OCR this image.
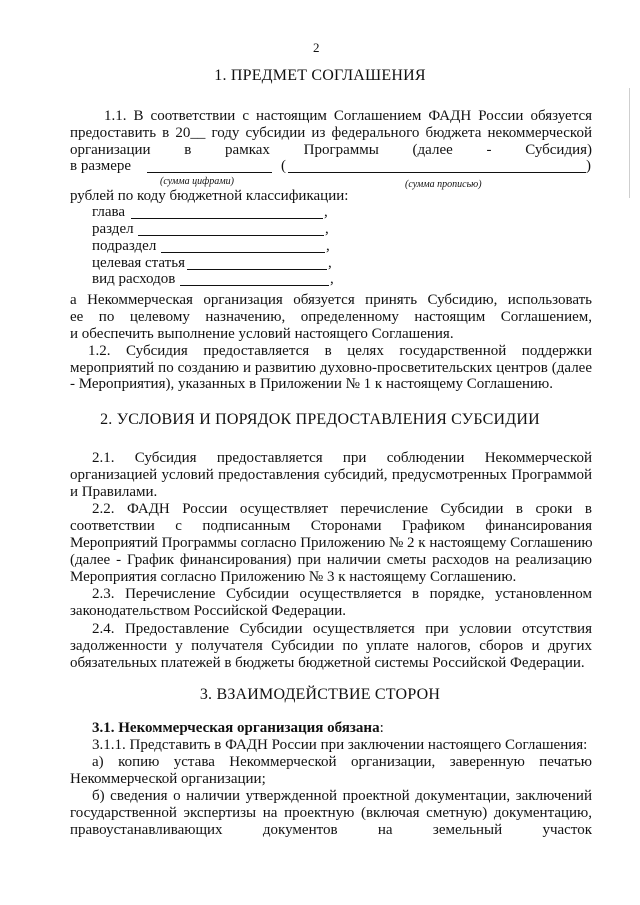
2
1. ПРЕДМЕТ СОГЛАШЕНИЯ
1.1. В соответствии с настоящим Соглашением ФАДН России обязуется
предоставить в 20__ году субсидии из федерального бюджета некоммерческой
организации в рамках Программы (далее - Субсидия)
в размере	(	)
(сумма цифрами)	(сумма прописью)
рублей по коду бюджетной классификации:
глава	,
раздел	,
подраздел	,
целевая статья	,
вид расходов	,
а Некоммерческая организация обязуется принять Субсидию, использовать
ее по целевому назначению, определенному настоящим Соглашением,
и обеспечить выполнение условий настоящего Соглашения.
1.2. Субсидия предоставляется в целях государственной поддержки
мероприятий по созданию и развитию духовно-просветительских центров (далее
- Мероприятия), указанных в Приложении № 1 к настоящему Соглашению.
2. УСЛОВИЯ И ПОРЯДОК ПРЕДОСТАВЛЕНИЯ СУБСИДИИ
2.1. Субсидия предоставляется при соблюдении Некоммерческой
организацией условий предоставления субсидий, предусмотренных Программой
и Правилами.
2.2. ФАДН России осуществляет перечисление Субсидии в сроки в
соответствии с подписанным Сторонами Графиком финансирования
Мероприятий Программы согласно Приложению № 2 к настоящему Соглашению
(далее - График финансирования) при наличии сметы расходов на реализацию
Мероприятия согласно Приложению № 3 к настоящему Соглашению.
2.3. Перечисление Субсидии осуществляется в порядке, установленном
законодательством Российской Федерации.
2.4. Предоставление Субсидии осуществляется при условии отсутствия
задолженности у получателя Субсидии по уплате налогов, сборов и других
обязательных платежей в бюджеты бюджетной системы Российской Федерации.
3. ВЗАИМОДЕЙСТВИЕ СТОРОН
3.1. Некоммерческая организация обязана:
3.1.1. Представить в ФАДН России при заключении настоящего Соглашения:
а) копию устава Некоммерческой организации, заверенную печатью
Некоммерческой организации;
б) сведения о наличии утвержденной проектной документации, заключений
государственной экспертизы на проектную (включая сметную) документацию,
правоустанавливающих документов на земельный участок
